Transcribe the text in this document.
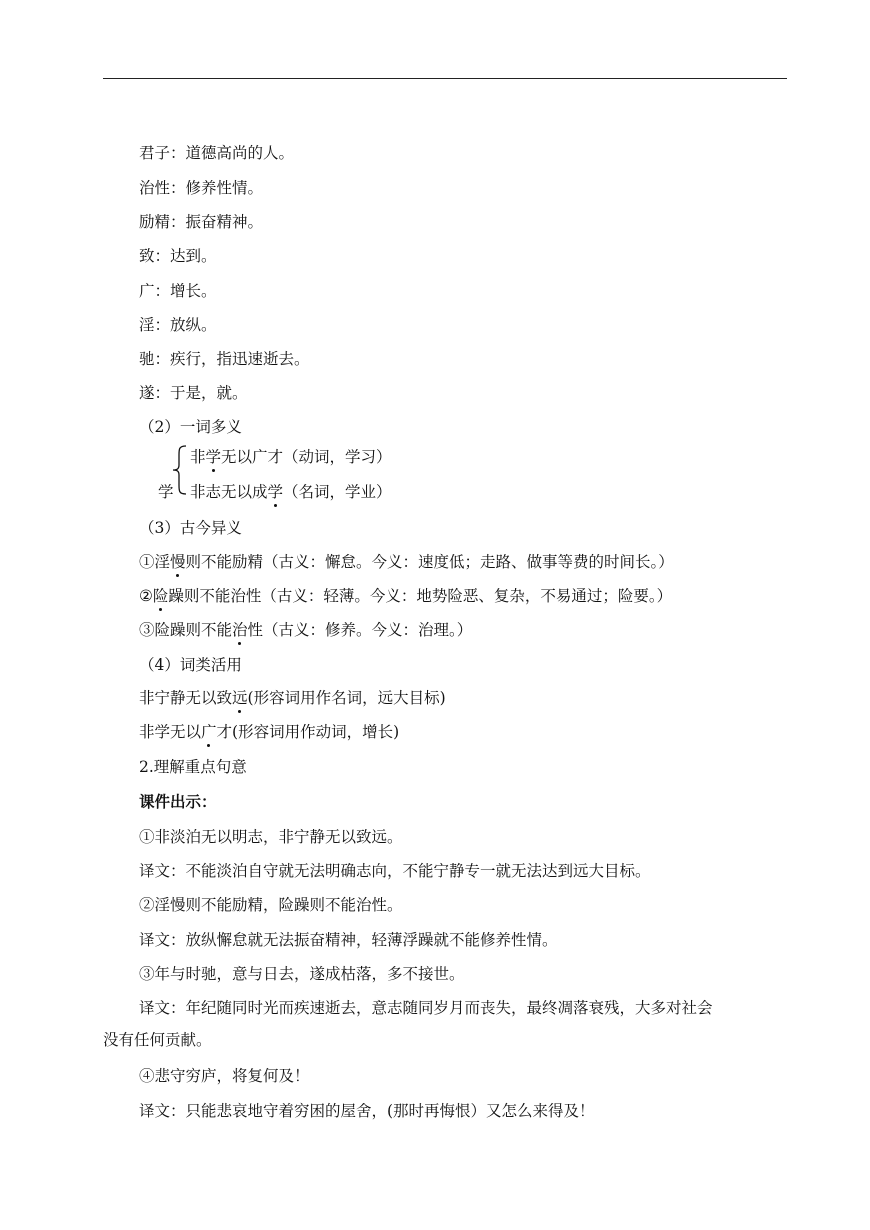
君子：道德高尚的人。
治性：修养性情。
励精：振奋精神。
致：达到。
广：增长。
淫：放纵。
驰：疾行，指迅速逝去。
遂：于是，就。
（2）一词多义
非学无以广才（动词，学习）
学 非志无以成学（名词，学业）
（3）古今异义
①淫慢则不能励精（古义：懈怠。今义：速度低；走路、做事等费的时间长。）
②险躁则不能治性（古义：轻薄。今义：地势险恶、复杂，不易通过；险要。）
③险躁则不能治性（古义：修养。今义：治理。）
（4）词类活用
非宁静无以致远(形容词用作名词，远大目标)
非学无以广才(形容词用作动词，增长)
2.理解重点句意
课件出示：
①非淡泊无以明志，非宁静无以致远。
译文：不能淡泊自守就无法明确志向，不能宁静专一就无法达到远大目标。
②淫慢则不能励精，险躁则不能治性。
译文：放纵懈怠就无法振奋精神，轻薄浮躁就不能修养性情。
③年与时驰，意与日去，遂成枯落，多不接世。
译文：年纪随同时光而疾速逝去，意志随同岁月而丧失，最终凋落衰残，大多对社会
没有任何贡献。
④悲守穷庐，将复何及！
译文：只能悲哀地守着穷困的屋舍，(那时再悔恨）又怎么来得及！
